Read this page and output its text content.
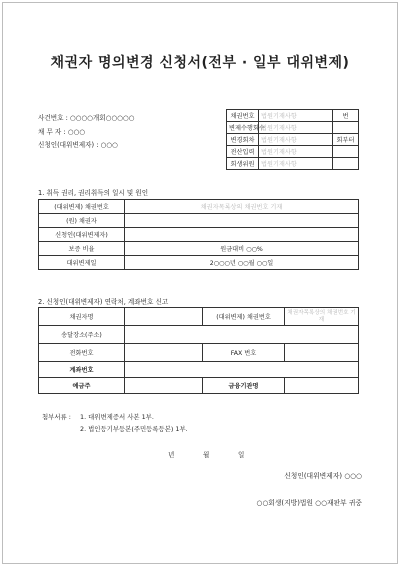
채권자 명의변경 신청서(전부 · 일부 대위변제)
사건번호 : ○○○○개회○○○○○
채 무 자 : ○○○
신청인(대위변제자) : ○○○
채권번호	법원기재사항	번
변제수행회수	법원기재사항	
변경회차	법원기재사항	회부터
전산입력	법원기재사항	
회생위원	법원기재사항	
1. 취득 권리, 권리취득의 일시 및 원인
(대위변제) 채권번호	채권자목록상의 채권번호 기재
(원) 채권자	
신청인(대위변제자)	
보증 비율	원금대비 ○○%
대위변제일	2○○○년 ○○월 ○○일
2. 신청인(대위변제자) 연락처, 계좌번호 신고
채권자명		(대위변제) 채권번호	채권자목록상의 채권번호 기재
송달장소(주소)			
전화번호		FAX 번호	
계좌번호			
예금주		금융기관명	
첨부서류 : 1. 대위변제증서 사본 1부.
2. 법인등기부등본(주민등록등본) 1부.
년	월	일
신청인(대위변제자) ○○○
○○회생(지방)법원 ○○재판부 귀중
